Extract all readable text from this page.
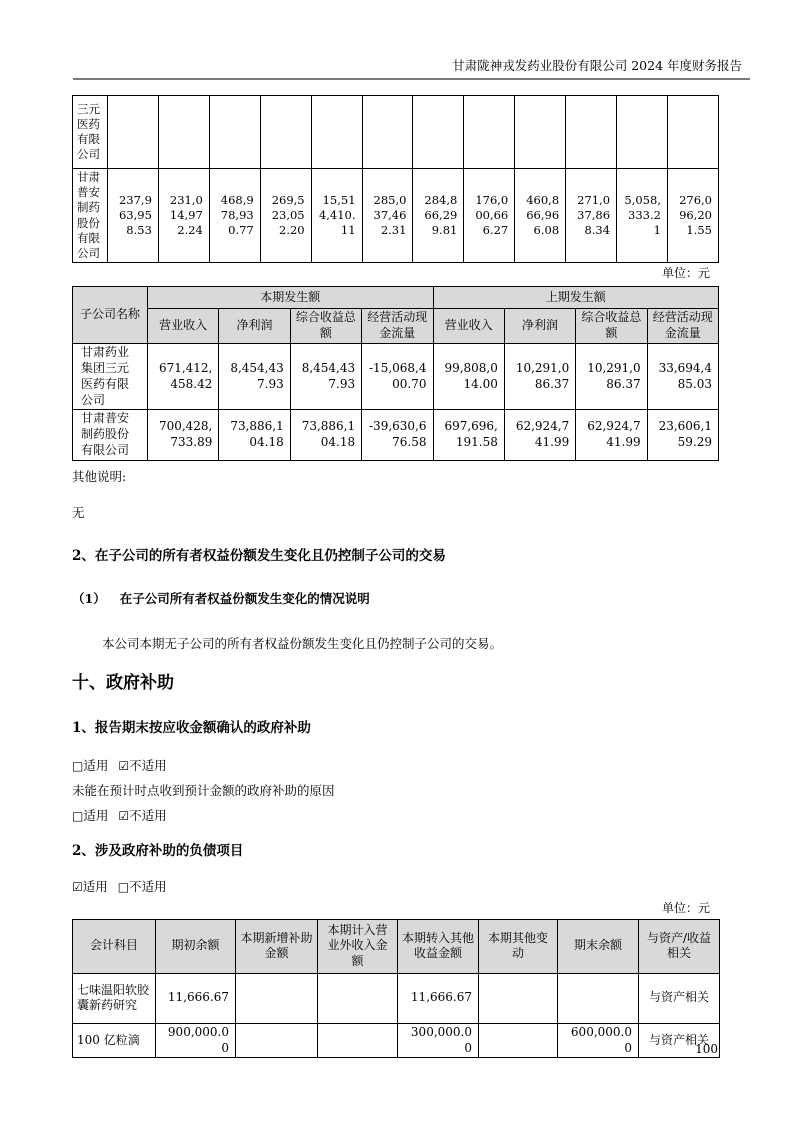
甘肃陇神戎发药业股份有限公司 2024 年度财务报告
三元医药有限公司												
甘肃普安制药股份有限公司	237,963,958.53	231,014,972.24	468,978,930.77	269,523,052.20	15,514,410.11	285,037,462.31	284,866,299.81	176,000,666.27	460,866,966.08	271,037,868.34	5,058,333.21	276,096,201.55
单位：元
子公司名称	本期发生额				上期发生额			
	营业收入	净利润	综合收益总额	经营活动现金流量	营业收入	净利润	综合收益总额	经营活动现金流量
甘肃药业集团三元医药有限公司	671,412,458.42	8,454,437.93	8,454,437.93	-15,068,400.70	99,808,014.00	10,291,086.37	10,291,086.37	33,694,485.03
甘肃普安制药股份有限公司	700,428,733.89	73,886,104.18	73,886,104.18	-39,630,676.58	697,696,191.58	62,924,741.99	62,924,741.99	23,606,159.29
其他说明:
无
2、在子公司的所有者权益份额发生变化且仍控制子公司的交易
（1） 在子公司所有者权益份额发生变化的情况说明
本公司本期无子公司的所有者权益份额发生变化且仍控制子公司的交易。
十、政府补助
1、报告期末按应收金额确认的政府补助
□适用 ☑不适用
未能在预计时点收到预计金额的政府补助的原因
□适用 ☑不适用
2、涉及政府补助的负债项目
☑适用 □不适用
单位：元
会计科目	期初余额	本期新增补助金额	本期计入营业外收入金额	本期转入其他收益金额	本期其他变动	期末余额	与资产/收益相关
七味温阳软胶囊新药研究	11,666.67			11,666.67			与资产相关
100 亿粒滴	900,000.00			300,000.00		600,000.00	与资产相关
100
